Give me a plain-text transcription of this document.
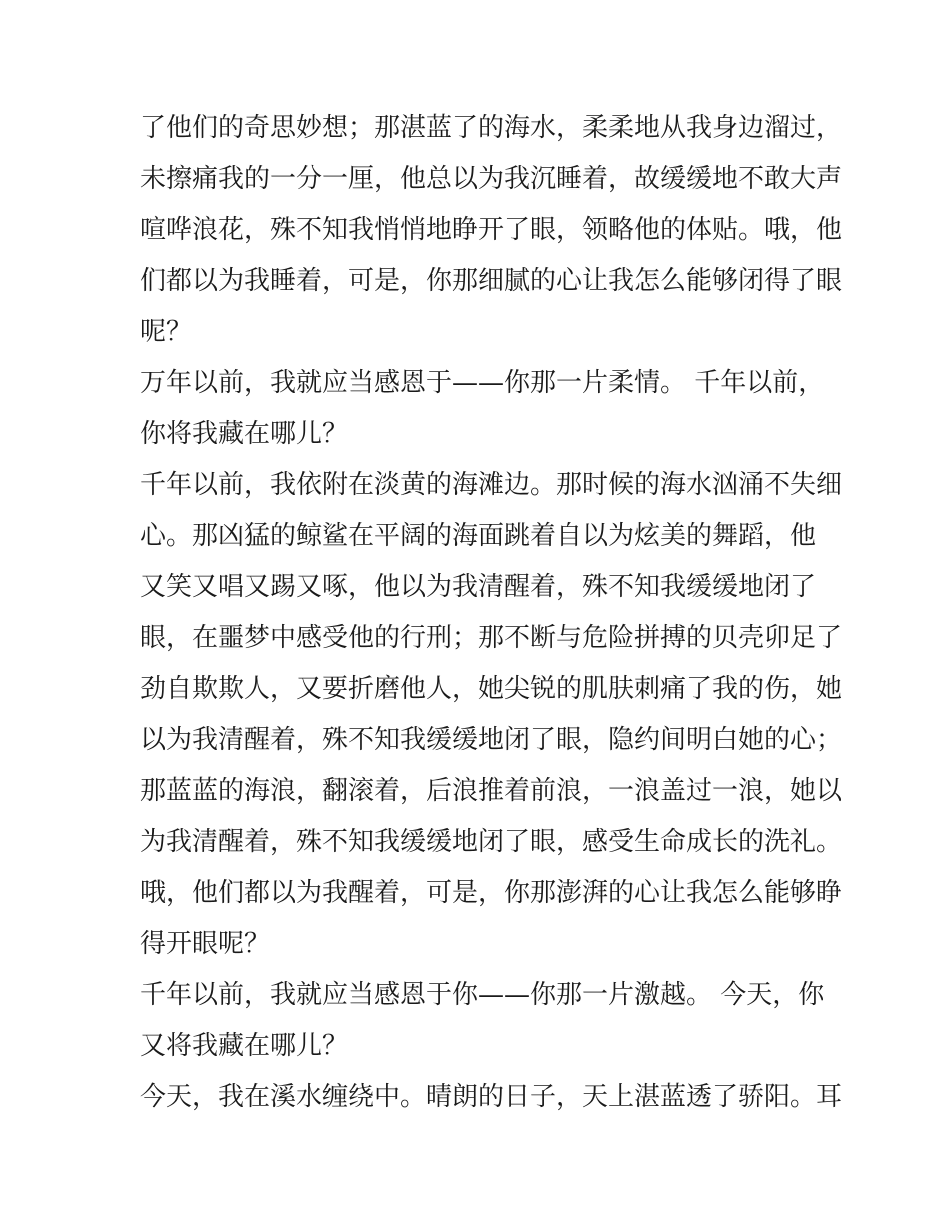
了他们的奇思妙想；那湛蓝了的海水，柔柔地从我身边溜过，
未擦痛我的一分一厘，他总以为我沉睡着，故缓缓地不敢大声
喧哗浪花，殊不知我悄悄地睁开了眼，领略他的体贴。哦，他
们都以为我睡着，可是，你那细腻的心让我怎么能够闭得了眼
呢？
万年以前，我就应当感恩于——你那一片柔情。 千年以前，
你将我藏在哪儿？
千年以前，我依附在淡黄的海滩边。那时候的海水汹涌不失细
心。那凶猛的鲸鲨在平阔的海面跳着自以为炫美的舞蹈，他
又笑又唱又踢又啄，他以为我清醒着，殊不知我缓缓地闭了
眼，在噩梦中感受他的行刑；那不断与危险拼搏的贝壳卯足了
劲自欺欺人，又要折磨他人，她尖锐的肌肤刺痛了我的伤，她
以为我清醒着，殊不知我缓缓地闭了眼，隐约间明白她的心；
那蓝蓝的海浪，翻滚着，后浪推着前浪，一浪盖过一浪，她以
为我清醒着，殊不知我缓缓地闭了眼，感受生命成长的洗礼。
哦，他们都以为我醒着，可是，你那澎湃的心让我怎么能够睁
得开眼呢？
千年以前，我就应当感恩于你——你那一片激越。 今天，你
又将我藏在哪儿？
今天，我在溪水缠绕中。晴朗的日子，天上湛蓝透了骄阳。耳
